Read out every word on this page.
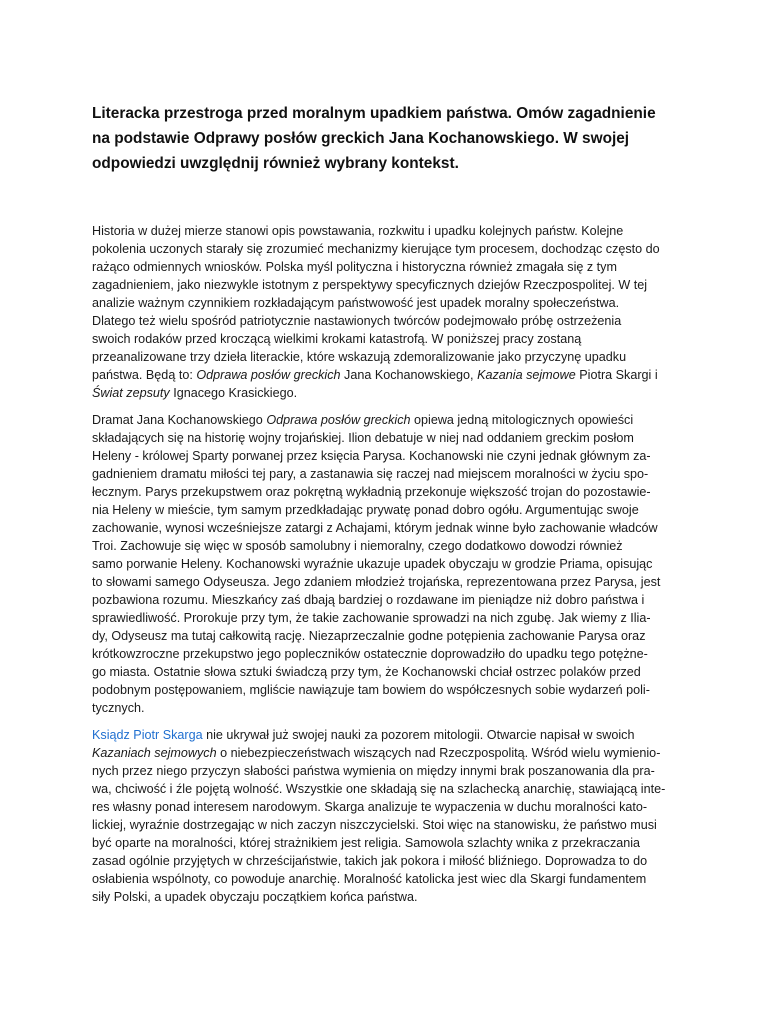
Literacka przestroga przed moralnym upadkiem państwa. Omów zagadnienie
na podstawie Odprawy posłów greckich Jana Kochanowskiego. W swojej
odpowiedzi uwzględnij również wybrany kontekst.

Historia w dużej mierze stanowi opis powstawania, rozkwitu i upadku kolejnych państw. Kolejne
pokolenia uczonych starały się zrozumieć mechanizmy kierujące tym procesem, dochodząc często do
rażąco odmiennych wniosków. Polska myśl polityczna i historyczna również zmagała się z tym
zagadnieniem, jako niezwykle istotnym z perspektywy specyficznych dziejów Rzeczpospolitej. W tej
analizie ważnym czynnikiem rozkładającym państwowość jest upadek moralny społeczeństwa.
Dlatego też wielu spośród patriotycznie nastawionych twórców podejmowało próbę ostrzeżenia
swoich rodaków przed kroczącą wielkimi krokami katastrofą. W poniższej pracy zostaną
przeanalizowane trzy dzieła literackie, które wskazują zdemoralizowanie jako przyczynę upadku
państwa. Będą to: Odprawa posłów greckich Jana Kochanowskiego, Kazania sejmowe Piotra Skargi i
Świat zepsuty Ignacego Krasickiego.

Dramat Jana Kochanowskiego Odprawa posłów greckich opiewa jedną mitologicznych opowieści
składających się na historię wojny trojańskiej. Ilion debatuje w niej nad oddaniem greckim posłom
Heleny - królowej Sparty porwanej przez księcia Parysa. Kochanowski nie czyni jednak głównym za-
gadnieniem dramatu miłości tej pary, a zastanawia się raczej nad miejscem moralności w życiu spo-
łecznym. Parys przekupstwem oraz pokrętną wykładnią przekonuje większość trojan do pozostawie-
nia Heleny w mieście, tym samym przedkładając prywatę ponad dobro ogółu. Argumentując swoje
zachowanie, wynosi wcześniejsze zatargi z Achajami, którym jednak winne było zachowanie władców
Troi. Zachowuje się więc w sposób samolubny i niemoralny, czego dodatkowo dowodzi również
samo porwanie Heleny. Kochanowski wyraźnie ukazuje upadek obyczaju w grodzie Priama, opisując
to słowami samego Odyseusza. Jego zdaniem młodzież trojańska, reprezentowana przez Parysa, jest
pozbawiona rozumu. Mieszkańcy zaś dbają bardziej o rozdawane im pieniądze niż dobro państwa i
sprawiedliwość. Prorokuje przy tym, że takie zachowanie sprowadzi na nich zgubę. Jak wiemy z Ilia-
dy, Odyseusz ma tutaj całkowitą rację. Niezaprzeczalnie godne potępienia zachowanie Parysa oraz
krótkowzroczne przekupstwo jego popleczników ostatecznie doprowadziło do upadku tego potężne-
go miasta. Ostatnie słowa sztuki świadczą przy tym, że Kochanowski chciał ostrzec polaków przed
podobnym postępowaniem, mgliście nawiązuje tam bowiem do współczesnych sobie wydarzeń poli-
tycznych.

Ksiądz Piotr Skarga nie ukrywał już swojej nauki za pozorem mitologii. Otwarcie napisał w swoich
Kazaniach sejmowych o niebezpieczeństwach wiszących nad Rzeczpospolitą. Wśród wielu wymienio-
nych przez niego przyczyn słabości państwa wymienia on między innymi brak poszanowania dla pra-
wa, chciwość i źle pojętą wolność. Wszystkie one składają się na szlachecką anarchię, stawiającą inte-
res własny ponad interesem narodowym. Skarga analizuje te wypaczenia w duchu moralności kato-
lickiej, wyraźnie dostrzegając w nich zaczyn niszczycielski. Stoi więc na stanowisku, że państwo musi
być oparte na moralności, której strażnikiem jest religia. Samowola szlachty wnika z przekraczania
zasad ogólnie przyjętych w chrześcijaństwie, takich jak pokora i miłość bliźniego. Doprowadza to do
osłabienia wspólnoty, co powoduje anarchię. Moralność katolicka jest wiec dla Skargi fundamentem
siły Polski, a upadek obyczaju początkiem końca państwa.
